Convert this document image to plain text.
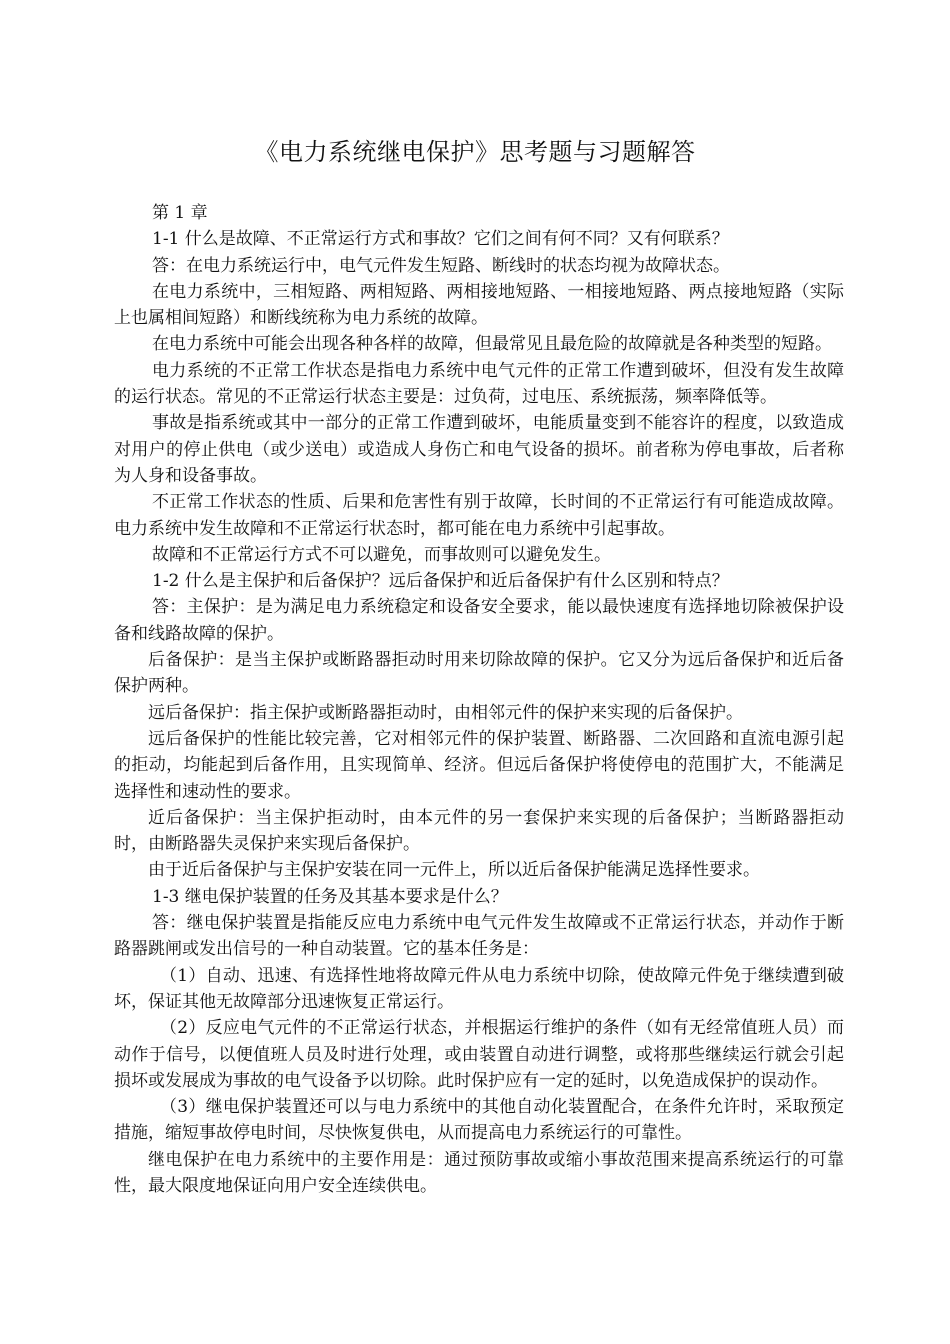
《电力系统继电保护》思考题与习题解答

第 1 章

1-1 什么是故障、不正常运行方式和事故？它们之间有何不同？又有何联系？

答：在电力系统运行中，电气元件发生短路、断线时的状态均视为故障状态。

在电力系统中，三相短路、两相短路、两相接地短路、一相接地短路、两点接地短路（实际上也属相间短路）和断线统称为电力系统的故障。

在电力系统中可能会出现各种各样的故障，但最常见且最危险的故障就是各种类型的短路。

电力系统的不正常工作状态是指电力系统中电气元件的正常工作遭到破坏，但没有发生故障的运行状态。常见的不正常运行状态主要是：过负荷，过电压、系统振荡，频率降低等。

事故是指系统或其中一部分的正常工作遭到破坏，电能质量变到不能容许的程度，以致造成对用户的停止供电（或少送电）或造成人身伤亡和电气设备的损坏。前者称为停电事故，后者称为人身和设备事故。

不正常工作状态的性质、后果和危害性有别于故障，长时间的不正常运行有可能造成故障。电力系统中发生故障和不正常运行状态时，都可能在电力系统中引起事故。

故障和不正常运行方式不可以避免，而事故则可以避免发生。

1-2 什么是主保护和后备保护？远后备保护和近后备保护有什么区别和特点？

答：主保护：是为满足电力系统稳定和设备安全要求，能以最快速度有选择地切除被保护设备和线路故障的保护。

后备保护：是当主保护或断路器拒动时用来切除故障的保护。它又分为远后备保护和近后备保护两种。

远后备保护：指主保护或断路器拒动时，由相邻元件的保护来实现的后备保护。

远后备保护的性能比较完善，它对相邻元件的保护装置、断路器、二次回路和直流电源引起的拒动，均能起到后备作用，且实现简单、经济。但远后备保护将使停电的范围扩大，不能满足选择性和速动性的要求。

近后备保护：当主保护拒动时，由本元件的另一套保护来实现的后备保护；当断路器拒动时，由断路器失灵保护来实现后备保护。

由于近后备保护与主保护安装在同一元件上，所以近后备保护能满足选择性要求。

1-3 继电保护装置的任务及其基本要求是什么？

答：继电保护装置是指能反应电力系统中电气元件发生故障或不正常运行状态，并动作于断路器跳闸或发出信号的一种自动装置。它的基本任务是：

（1）自动、迅速、有选择性地将故障元件从电力系统中切除，使故障元件免于继续遭到破坏，保证其他无故障部分迅速恢复正常运行。

（2）反应电气元件的不正常运行状态，并根据运行维护的条件（如有无经常值班人员）而动作于信号，以便值班人员及时进行处理，或由装置自动进行调整，或将那些继续运行就会引起损坏或发展成为事故的电气设备予以切除。此时保护应有一定的延时，以免造成保护的误动作。

（3）继电保护装置还可以与电力系统中的其他自动化装置配合，在条件允许时，采取预定措施，缩短事故停电时间，尽快恢复供电，从而提高电力系统运行的可靠性。

继电保护在电力系统中的主要作用是：通过预防事故或缩小事故范围来提高系统运行的可靠性，最大限度地保证向用户安全连续供电。
